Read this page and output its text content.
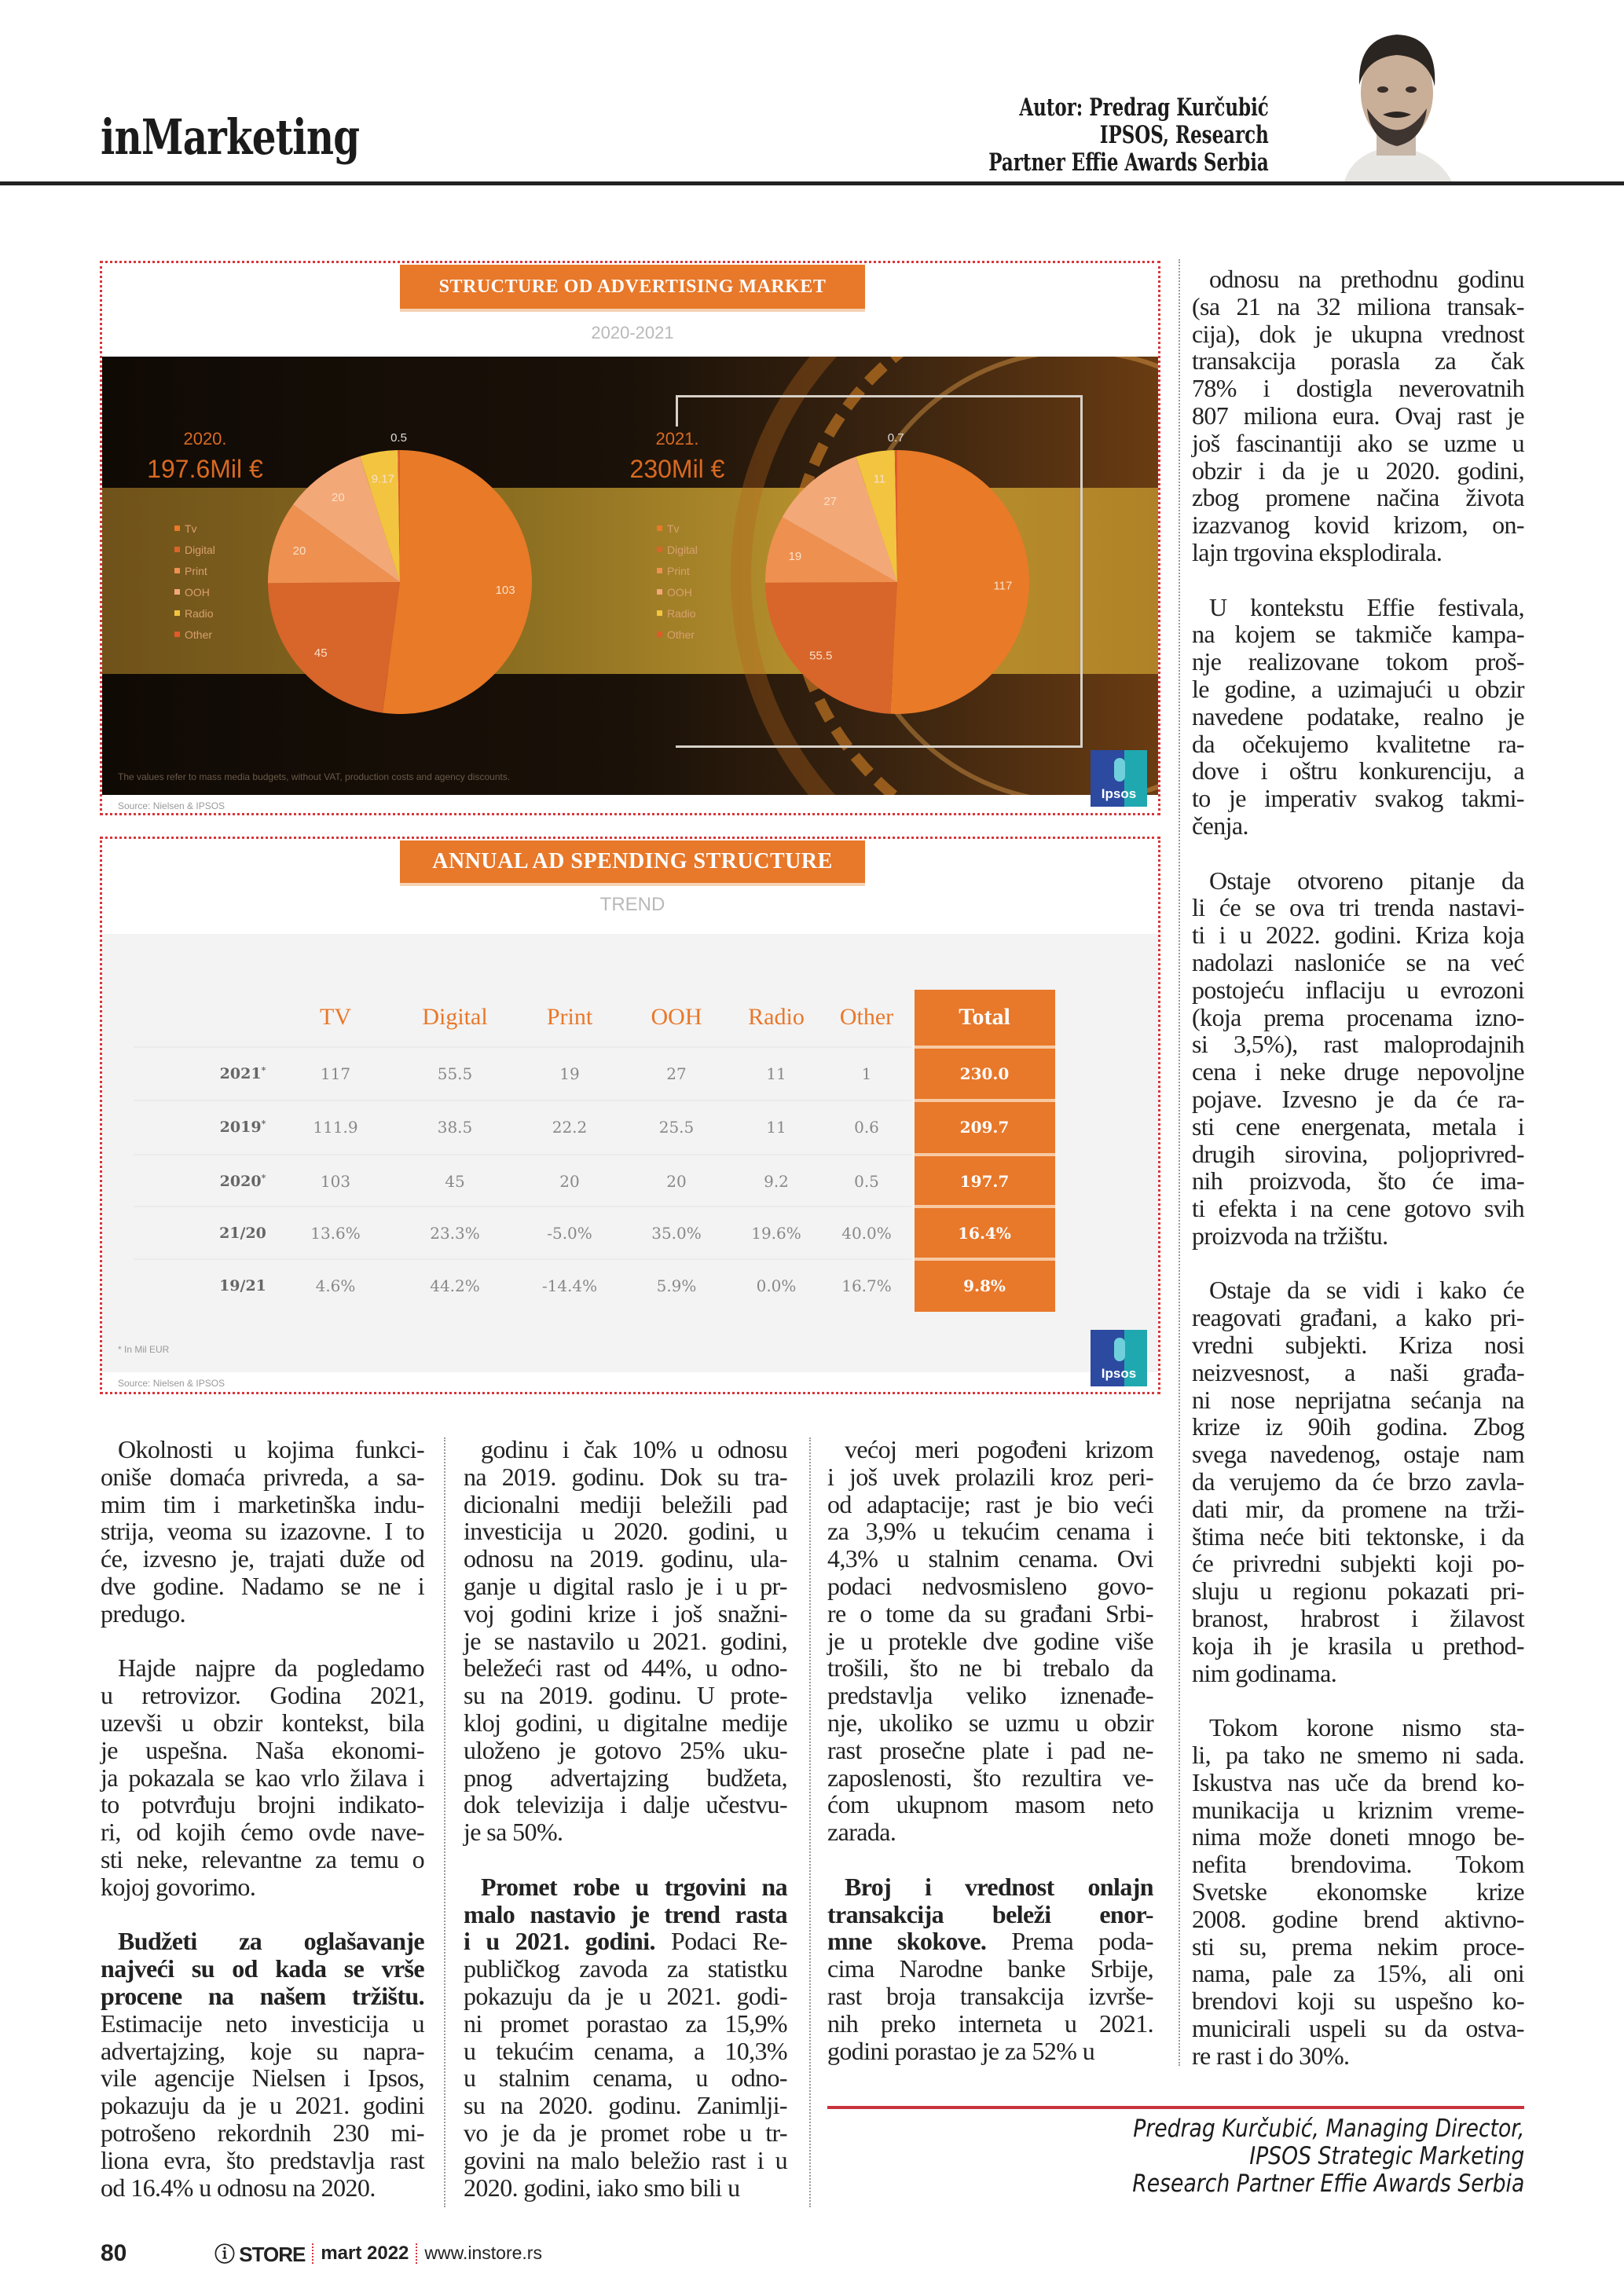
inMarketing
Autor: Predrag Kurčubić
IPSOS, Research
Partner Effie Awards Serbia
STRUCTURE OD ADVERTISING MARKET
2020-2021
103
45
20
20
9.17
0.5
117
55.5
19
27
11
0.7
2020.
197.6Mil €
2021.
230Mil €
Tv
Digital
Print
OOH
Radio
Other
Tv
Digital
Print
OOH
Radio
Other
The values refer to mass media budgets, without VAT, production costs and agency discounts.
Ipsos
Source: Nielsen & IPSOS
ANNUAL AD SPENDING STRUCTURE
TREND
TV	Digital	Print OOH Radio Other	Total
2021*	117	55.5	19	27	11	1	230.0
2019*	111.9	38.5	22.2	25.5	11	0.6	209.7
2020*	103	45	20	20	9.2	0.5	197.7
21/20	13.6%	23.3%	-5.0%	35.0%	19.6%	40.0%	16.4%
19/21	4.6%	44.2%	-14.4%	5.9%	0.0%	16.7%	9.8%
* In Mil EUR
Ipsos
Source: Nielsen & IPSOS
odnosu na prethodnu godinu
(sa 21 na 32 miliona transak-
cija), dok je ukupna vrednost
transakcija porasla za čak
78% i dostigla neverovatnih
807 miliona eura. Ovaj rast je
još fascinantiji ako se uzme u
obzir i da je u 2020. godini,
zbog promene načina života
izazvanog kovid krizom, on-
lajn trgovina eksplodirala.
U kontekstu Effie festivala,
na kojem se takmiče kampa-
nje realizovane tokom proš-
le godine, a uzimajući u obzir
navedene podatake, realno je
da očekujemo kvalitetne ra-
dove i oštru konkurenciju, a
to je imperativ svakog takmi-
čenja.
Ostaje otvoreno pitanje da
li će se ova tri trenda nastavi-
ti i u 2022. godini. Kriza koja
nadolazi nasloniće se na već
postojeću inflaciju u evrozoni
(koja prema procenama izno-
si 3,5%), rast maloprodajnih
cena i neke druge nepovoljne
pojave. Izvesno je da će ra-
sti cene energenata, metala i
drugih sirovina, poljoprivred-
nih proizvoda, što će ima-
ti efekta i na cene gotovo svih
proizvoda na tržištu.
Ostaje da se vidi i kako će
reagovati građani, a kako pri-
vredni subjekti. Kriza nosi
neizvesnost, a naši građa-
ni nose neprijatna sećanja na
krize iz 90ih godina. Zbog
svega navedenog, ostaje nam
da verujemo da će brzo zavla-
dati mir, da promene na trži-
štima neće biti tektonske, i da
će privredni subjekti koji po-
sluju u regionu pokazati pri-
branost, hrabrost i žilavost
koja ih je krasila u prethod-
nim godinama.
Tokom korone nismo sta-
li, pa tako ne smemo ni sada.
Iskustva nas uče da brend ko-
munikacija u kriznim vreme-
nima može doneti mnogo be-
nefita brendovima. Tokom
Svetske ekonomske krize
2008. godine brend aktivno-
sti su, prema nekim proce-
nama, pale za 15%, ali oni
brendovi koji su uspešno ko-
municirali uspeli su da ostva-
re rast i do 30%.
Okolnosti u kojima funkci-
oniše domaća privreda, a sa-
mim tim i marketinška indu-
strija, veoma su izazovne. I to
će, izvesno je, trajati duže od
dve godine. Nadamo se ne i
predugo.
Hajde najpre da pogledamo
u retrovizor. Godina 2021,
uzevši u obzir kontekst, bila
je uspešna. Naša ekonomi-
ja pokazala se kao vrlo žilava i
to potvrđuju brojni indikato-
ri, od kojih ćemo ovde nave-
sti neke, relevantne za temu o
kojoj govorimo.
Budžeti za oglašavanje
najveći su od kada se vrše
procene na našem tržištu.
Estimacije neto investicija u
advertajzing, koje su napra-
vile agencije Nielsen i Ipsos,
pokazuju da je u 2021. godini
potrošeno rekordnih 230 mi-
liona evra, što predstavlja rast
od 16.4% u odnosu na 2020.
godinu i čak 10% u odnosu
na 2019. godinu. Dok su tra-
dicionalni mediji beležili pad
investicija u 2020. godini, u
odnosu na 2019. godinu, ula-
ganje u digital raslo je i u pr-
voj godini krize i još snažni-
je se nastavilo u 2021. godini,
beležeći rast od 44%, u odno-
su na 2019. godinu. U prote-
kloj godini, u digitalne medije
uloženo je gotovo 25% uku-
pnog advertajzing budžeta,
dok televizija i dalje učestvu-
je sa 50%.
Promet robe u trgovini na
malo nastavio je trend rasta
i u 2021. godini. Podaci Re-
publičkog zavoda za statistku
pokazuju da je u 2021. godi-
ni promet porastao za 15,9%
u tekućim cenama, a 10,3%
u stalnim cenama, u odno-
su na 2020. godinu. Zanimlji-
vo je da je promet robe u tr-
govini na malo beležio rast i u
2020. godini, iako smo bili u
većoj meri pogođeni krizom
i još uvek prolazili kroz peri-
od adaptacije; rast je bio veći
za 3,9% u tekućim cenama i
4,3% u stalnim cenama. Ovi
podaci nedvosmisleno govo-
re o tome da su građani Srbi-
je u protekle dve godine više
trošili, što ne bi trebalo da
predstavlja veliko iznenađe-
nje, ukoliko se uzmu u obzir
rast prosečne plate i pad ne-
zaposlenosti, što rezultira ve-
ćom ukupnom masom neto
zarada.
Broj i vrednost onlajn
transakcija beleži enor-
mne skokove. Prema poda-
cima Narodne banke Srbije,
rast broja transakcija izvrše-
nih preko interneta u 2021.
godini porastao je za 52% u
Predrag Kurčubić, Managing Director,
IPSOS Strategic Marketing
Research Partner Effie Awards Serbia
80	ⓘ STORE mart 2022 www.instore.rs
